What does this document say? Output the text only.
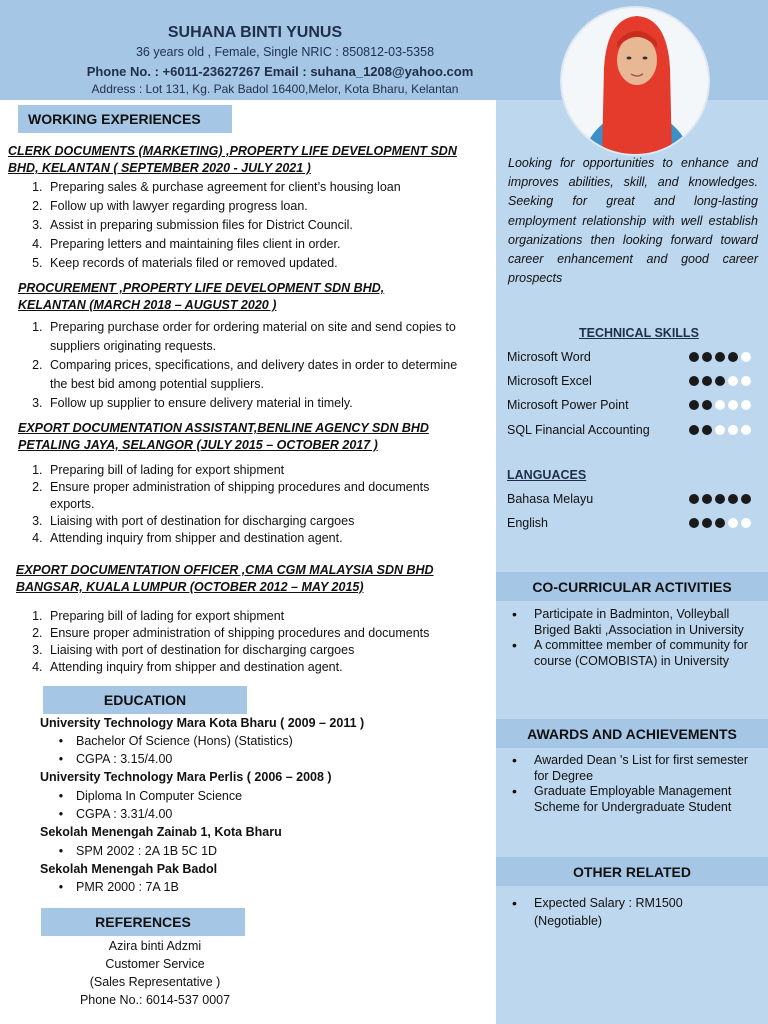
SUHANA BINTI YUNUS
36 years old , Female, Single NRIC : 850812-03-5358
Phone No. : +6011-23627267 Email : suhana_1208@yahoo.com
Address : Lot 131, Kg. Pak Badol 16400,Melor, Kota Bharu, Kelantan
WORKING EXPERIENCES
CLERK DOCUMENTS (MARKETING) ,PROPERTY LIFE DEVELOPMENT SDN
BHD, KELANTAN ( SEPTEMBER 2020 - JULY 2021 )
1. Preparing sales & purchase agreement for client’s housing loan
2. Follow up with lawyer regarding progress loan.
3. Assist in preparing submission files for District Council.
4. Preparing letters and maintaining files client in order.
5. Keep records of materials filed or removed updated.
PROCUREMENT ,PROPERTY LIFE DEVELOPMENT SDN BHD,
KELANTAN (MARCH 2018 – AUGUST 2020 )
1. Preparing purchase order for ordering material on site and send copies to suppliers originating requests.
2. Comparing prices, specifications, and delivery dates in order to determine the best bid among potential suppliers.
3. Follow up supplier to ensure delivery material in timely.
EXPORT DOCUMENTATION ASSISTANT,BENLINE AGENCY SDN BHD
PETALING JAYA, SELANGOR (JULY 2015 – OCTOBER 2017 )
1. Preparing bill of lading for export shipment
2. Ensure proper administration of shipping procedures and documents exports.
3. Liaising with port of destination for discharging cargoes
4. Attending inquiry from shipper and destination agent.
EXPORT DOCUMENTATION OFFICER ,CMA CGM MALAYSIA SDN BHD
BANGSAR, KUALA LUMPUR (OCTOBER 2012 – MAY 2015)
1. Preparing bill of lading for export shipment
2. Ensure proper administration of shipping procedures and documents
3. Liaising with port of destination for discharging cargoes
4. Attending inquiry from shipper and destination agent.
EDUCATION
University Technology Mara Kota Bharu ( 2009 – 2011 )
• Bachelor Of Science (Hons) (Statistics)
• CGPA : 3.15/4.00
University Technology Mara Perlis ( 2006 – 2008 )
• Diploma In Computer Science
• CGPA : 3.31/4.00
Sekolah Menengah Zainab 1, Kota Bharu
• SPM 2002 : 2A 1B 5C 1D
Sekolah Menengah Pak Badol
• PMR 2000 : 7A 1B
REFERENCES
Azira binti Adzmi
Customer Service
(Sales Representative )
Phone No.: 6014-537 0007
Looking for opportunities to enhance and improves abilities, skill, and knowledges. Seeking for great and long-lasting employment relationship with well establish organizations then looking forward toward career enhancement and good career prospects
TECHNICAL SKILLS
Microsoft Word
Microsoft Excel
Microsoft Power Point
SQL Financial Accounting
LANGUACES
Bahasa Melayu
English
CO-CURRICULAR ACTIVITIES
• Participate in Badminton, Volleyball Briged Bakti ,Association in University
• A committee member of community for course (COMOBISTA) in University
AWARDS AND ACHIEVEMENTS
• Awarded Dean 's List for first semester for Degree
• Graduate Employable Management Scheme for Undergraduate Student
OTHER RELATED
• Expected Salary : RM1500 (Negotiable)
